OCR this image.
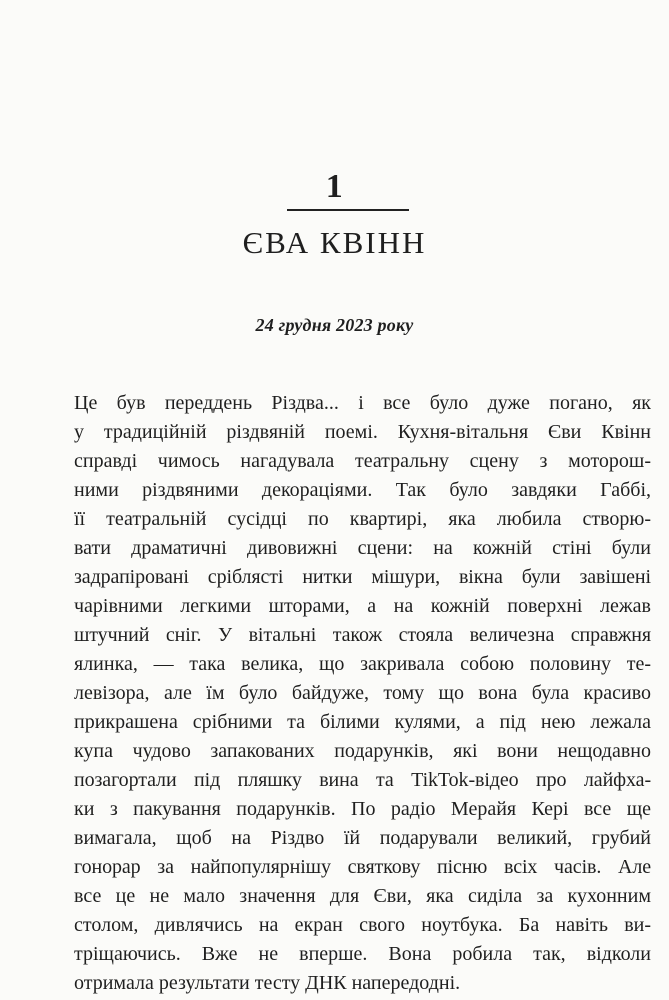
1
ЄВА КВІНН
24 грудня 2023 року

Це був переддень Різдва... і все було дуже погано, як
у традиційній різдвяній поемі. Кухня-вітальня Єви Квінн
справді чимось нагадувала театральну сцену з моторош-
ними різдвяними декораціями. Так було завдяки Габбі,
її театральній сусідці по квартирі, яка любила створю-
вати драматичні дивовижні сцени: на кожній стіні були
задрапіровані сріблясті нитки мішури, вікна були завішені
чарівними легкими шторами, а на кожній поверхні лежав
штучний сніг. У вітальні також стояла величезна справжня
ялинка, — така велика, що закривала собою половину те-
левізора, але їм було байдуже, тому що вона була красиво
прикрашена срібними та білими кулями, а під нею лежала
купа чудово запакованих подарунків, які вони нещодавно
позагортали під пляшку вина та TikTok-відео про лайфха-
ки з пакування подарунків. По радіо Мерайя Кері все ще
вимагала, щоб на Різдво їй подарували великий, грубий
гонорар за найпопулярнішу святкову пісню всіх часів. Але
все це не мало значення для Єви, яка сиділа за кухонним
столом, дивлячись на екран свого ноутбука. Ба навіть ви-
тріщаючись. Вже не вперше. Вона робила так, відколи
отримала результати тесту ДНК напередодні.
